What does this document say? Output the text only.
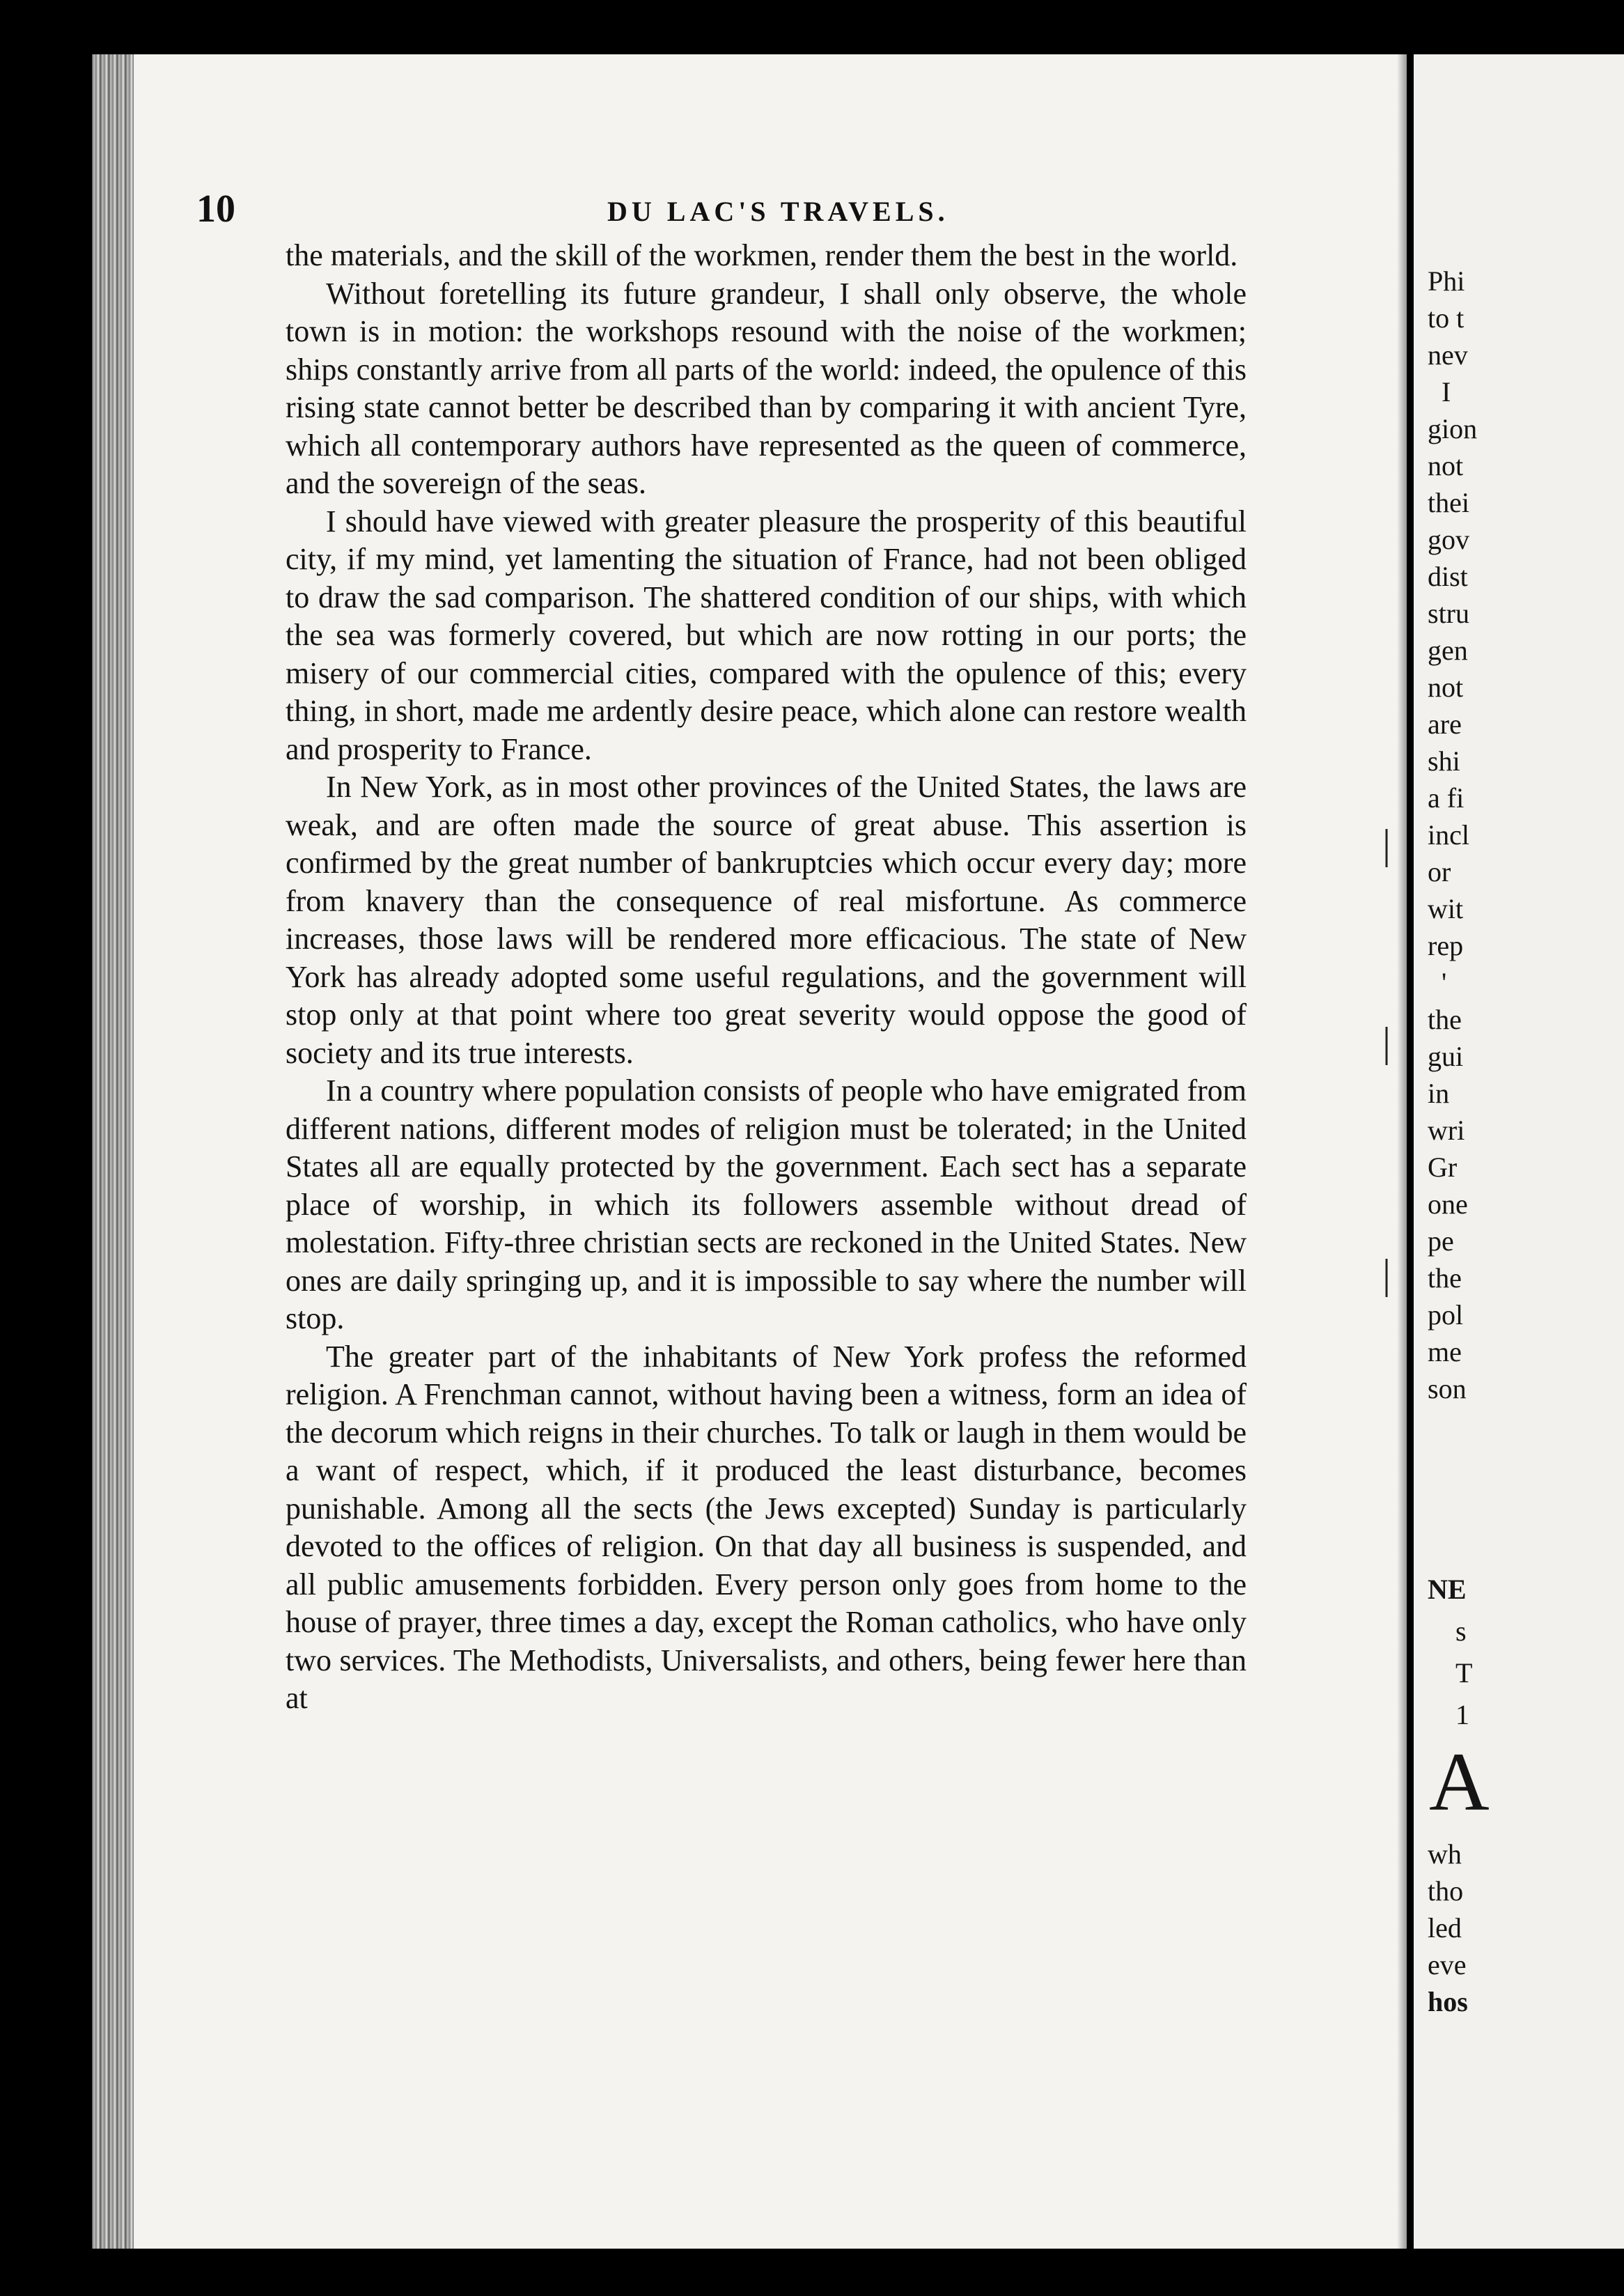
10	DU LAC'S TRAVELS.

the materials, and the skill of the workmen, render them the best in the world.

Without foretelling its future grandeur, I shall only observe, the whole town is in motion: the workshops resound with the noise of the workmen; ships constantly arrive from all parts of the world: indeed, the opulence of this rising state cannot better be described than by comparing it with ancient Tyre, which all contemporary authors have represented as the queen of commerce, and the sovereign of the seas.

I should have viewed with greater pleasure the prosperity of this beautiful city, if my mind, yet lamenting the situation of France, had not been obliged to draw the sad comparison. The shattered condition of our ships, with which the sea was formerly covered, but which are now rotting in our ports; the misery of our commercial cities, compared with the opulence of this; every thing, in short, made me ardently desire peace, which alone can restore wealth and prosperity to France.

In New York, as in most other provinces of the United States, the laws are weak, and are often made the source of great abuse. This assertion is confirmed by the great number of bankruptcies which occur every day; more from knavery than the consequence of real misfortune. As commerce increases, those laws will be rendered more efficacious. The state of New York has already adopted some useful regulations, and the government will stop only at that point where too great severity would oppose the good of society and its true interests.

In a country where population consists of people who have emigrated from different nations, different modes of religion must be tolerated; in the United States all are equally protected by the government. Each sect has a separate place of worship, in which its followers assemble without dread of molestation. Fifty-three christian sects are reckoned in the United States. New ones are daily springing up, and it is impossible to say where the number will stop.

The greater part of the inhabitants of New York profess the reformed religion. A Frenchman cannot, without having been a witness, form an idea of the decorum which reigns in their churches. To talk or laugh in them would be a want of respect, which, if it produced the least disturbance, becomes punishable. Among all the sects (the Jews excepted) Sunday is particularly devoted to the offices of religion. On that day all business is suspended, and all public amusements forbidden. Every person only goes from home to the house of prayer, three times a day, except the Roman catholics, who have only two services. The Methodists, Universalists, and others, being fewer here than at

|
|
|
Phi
to t
nev
I
gion
not
thei
gov
dist
stru
gen
not
are
shi
a fi
incl
or
wit
rep
'
the
gui
in
wri
Gr
one
pe
the
pol
me
son
NE
s
T
1
A
wh
tho
led
eve
hos
